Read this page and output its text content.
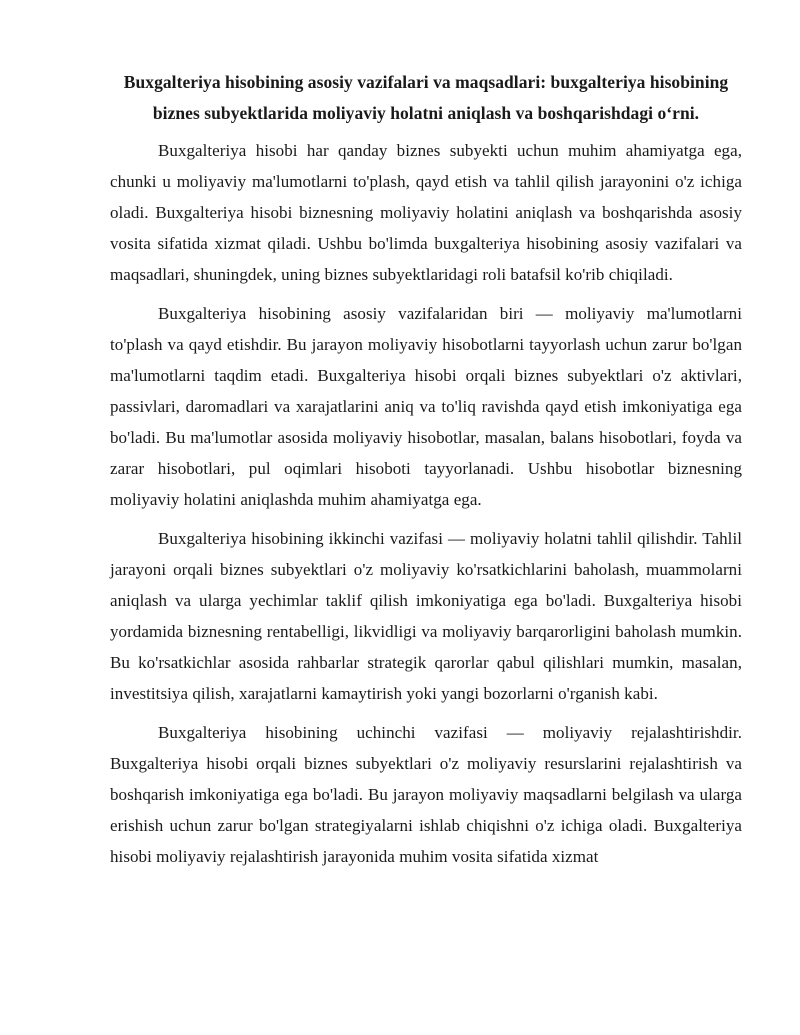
Buxgalteriya hisobining asosiy vazifalari va maqsadlari: buxgalteriya hisobining biznes subyektlarida moliyaviy holatni aniqlash va boshqarishdagi o‘rni.

Buxgalteriya hisobi har qanday biznes subyekti uchun muhim ahamiyatga ega, chunki u moliyaviy ma'lumotlarni to'plash, qayd etish va tahlil qilish jarayonini o'z ichiga oladi. Buxgalteriya hisobi biznesning moliyaviy holatini aniqlash va boshqarishda asosiy vosita sifatida xizmat qiladi. Ushbu bo'limda buxgalteriya hisobining asosiy vazifalari va maqsadlari, shuningdek, uning biznes subyektlaridagi roli batafsil ko'rib chiqiladi.

Buxgalteriya hisobining asosiy vazifalaridan biri — moliyaviy ma'lumotlarni to'plash va qayd etishdir. Bu jarayon moliyaviy hisobotlarni tayyorlash uchun zarur bo'lgan ma'lumotlarni taqdim etadi. Buxgalteriya hisobi orqali biznes subyektlari o'z aktivlari, passivlari, daromadlari va xarajatlarini aniq va to'liq ravishda qayd etish imkoniyatiga ega bo'ladi. Bu ma'lumotlar asosida moliyaviy hisobotlar, masalan, balans hisobotlari, foyda va zarar hisobotlari, pul oqimlari hisoboti tayyorlanadi. Ushbu hisobotlar biznesning moliyaviy holatini aniqlashda muhim ahamiyatga ega.

Buxgalteriya hisobining ikkinchi vazifasi — moliyaviy holatni tahlil qilishdir. Tahlil jarayoni orqali biznes subyektlari o'z moliyaviy ko'rsatkichlarini baholash, muammolarni aniqlash va ularga yechimlar taklif qilish imkoniyatiga ega bo'ladi. Buxgalteriya hisobi yordamida biznesning rentabelligi, likvidligi va moliyaviy barqarorligini baholash mumkin. Bu ko'rsatkichlar asosida rahbarlar strategik qarorlar qabul qilishlari mumkin, masalan, investitsiya qilish, xarajatlarni kamaytirish yoki yangi bozorlarni o'rganish kabi.

Buxgalteriya hisobining uchinchi vazifasi — moliyaviy rejalashtirishdir. Buxgalteriya hisobi orqali biznes subyektlari o'z moliyaviy resurslarini rejalashtirish va boshqarish imkoniyatiga ega bo'ladi. Bu jarayon moliyaviy maqsadlarni belgilash va ularga erishish uchun zarur bo'lgan strategiyalarni ishlab chiqishni o'z ichiga oladi. Buxgalteriya hisobi moliyaviy rejalashtirish jarayonida muhim vosita sifatida xizmat
